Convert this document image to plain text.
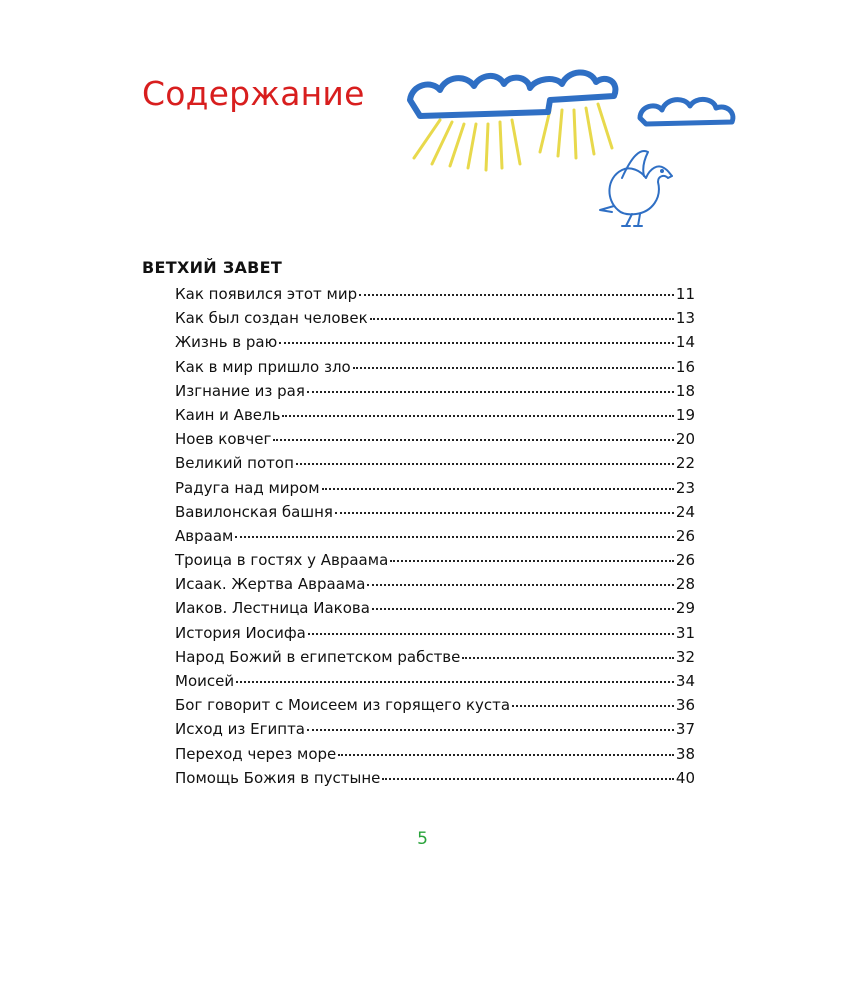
Содержание
ВЕТХИЙ ЗАВЕТ
Как появился этот мир	11
Как был создан человек	13
Жизнь в раю	14
Как в мир пришло зло	16
Изгнание из рая	18
Каин и Авель	19
Ноев ковчег	20
Великий потоп	22
Радуга над миром	23
Вавилонская башня	24
Авраам	26
Троица в гостях у Авраама	26
Исаак. Жертва Авраама	28
Иаков. Лестница Иакова	29
История Иосифа	31
Народ Божий в египетском рабстве	32
Моисей	34
Бог говорит с Моисеем из горящего куста	36
Исход из Египта	37
Переход через море	38
Помощь Божия в пустыне	40
5
